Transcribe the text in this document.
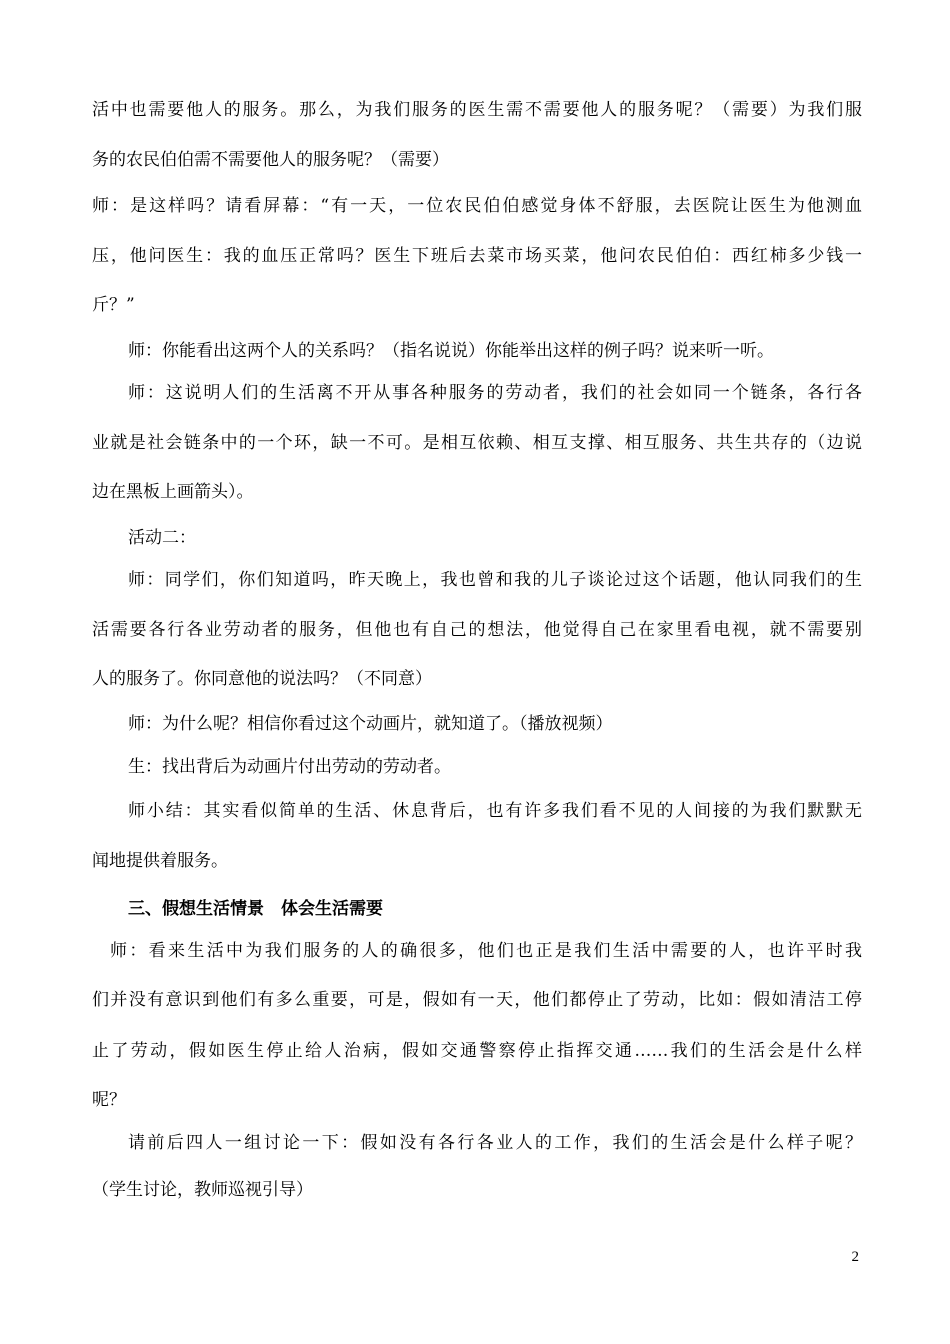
活中也需要他人的服务。那么，为我们服务的医生需不需要他人的服务呢？（需要）为我们服
务的农民伯伯需不需要他人的服务呢？（需要）
师：是这样吗？请看屏幕：“有一天，一位农民伯伯感觉身体不舒服，去医院让医生为他测血
压，他问医生：我的血压正常吗？医生下班后去菜市场买菜，他问农民伯伯：西红柿多少钱一
斤？”
师：你能看出这两个人的关系吗？（指名说说）你能举出这样的例子吗？说来听一听。
师：这说明人们的生活离不开从事各种服务的劳动者，我们的社会如同一个链条，各行各
业就是社会链条中的一个环，缺一不可。是相互依赖、相互支撑、相互服务、共生共存的（边说
边在黑板上画箭头）。
活动二：
师：同学们，你们知道吗，昨天晚上，我也曾和我的儿子谈论过这个话题，他认同我们的生
活需要各行各业劳动者的服务，但他也有自己的想法，他觉得自己在家里看电视，就不需要别
人的服务了。你同意他的说法吗？（不同意）
师：为什么呢？相信你看过这个动画片，就知道了。（播放视频）
生：找出背后为动画片付出劳动的劳动者。
师小结：其实看似简单的生活、休息背后，也有许多我们看不见的人间接的为我们默默无
闻地提供着服务。
三、假想生活情景　体会生活需要
师：看来生活中为我们服务的人的确很多，他们也正是我们生活中需要的人，也许平时我
们并没有意识到他们有多么重要，可是，假如有一天，他们都停止了劳动，比如：假如清洁工停
止了劳动，假如医生停止给人治病，假如交通警察停止指挥交通……我们的生活会是什么样
呢？
请前后四人一组讨论一下：假如没有各行各业人的工作，我们的生活会是什么样子呢？
（学生讨论，教师巡视引导）
2
